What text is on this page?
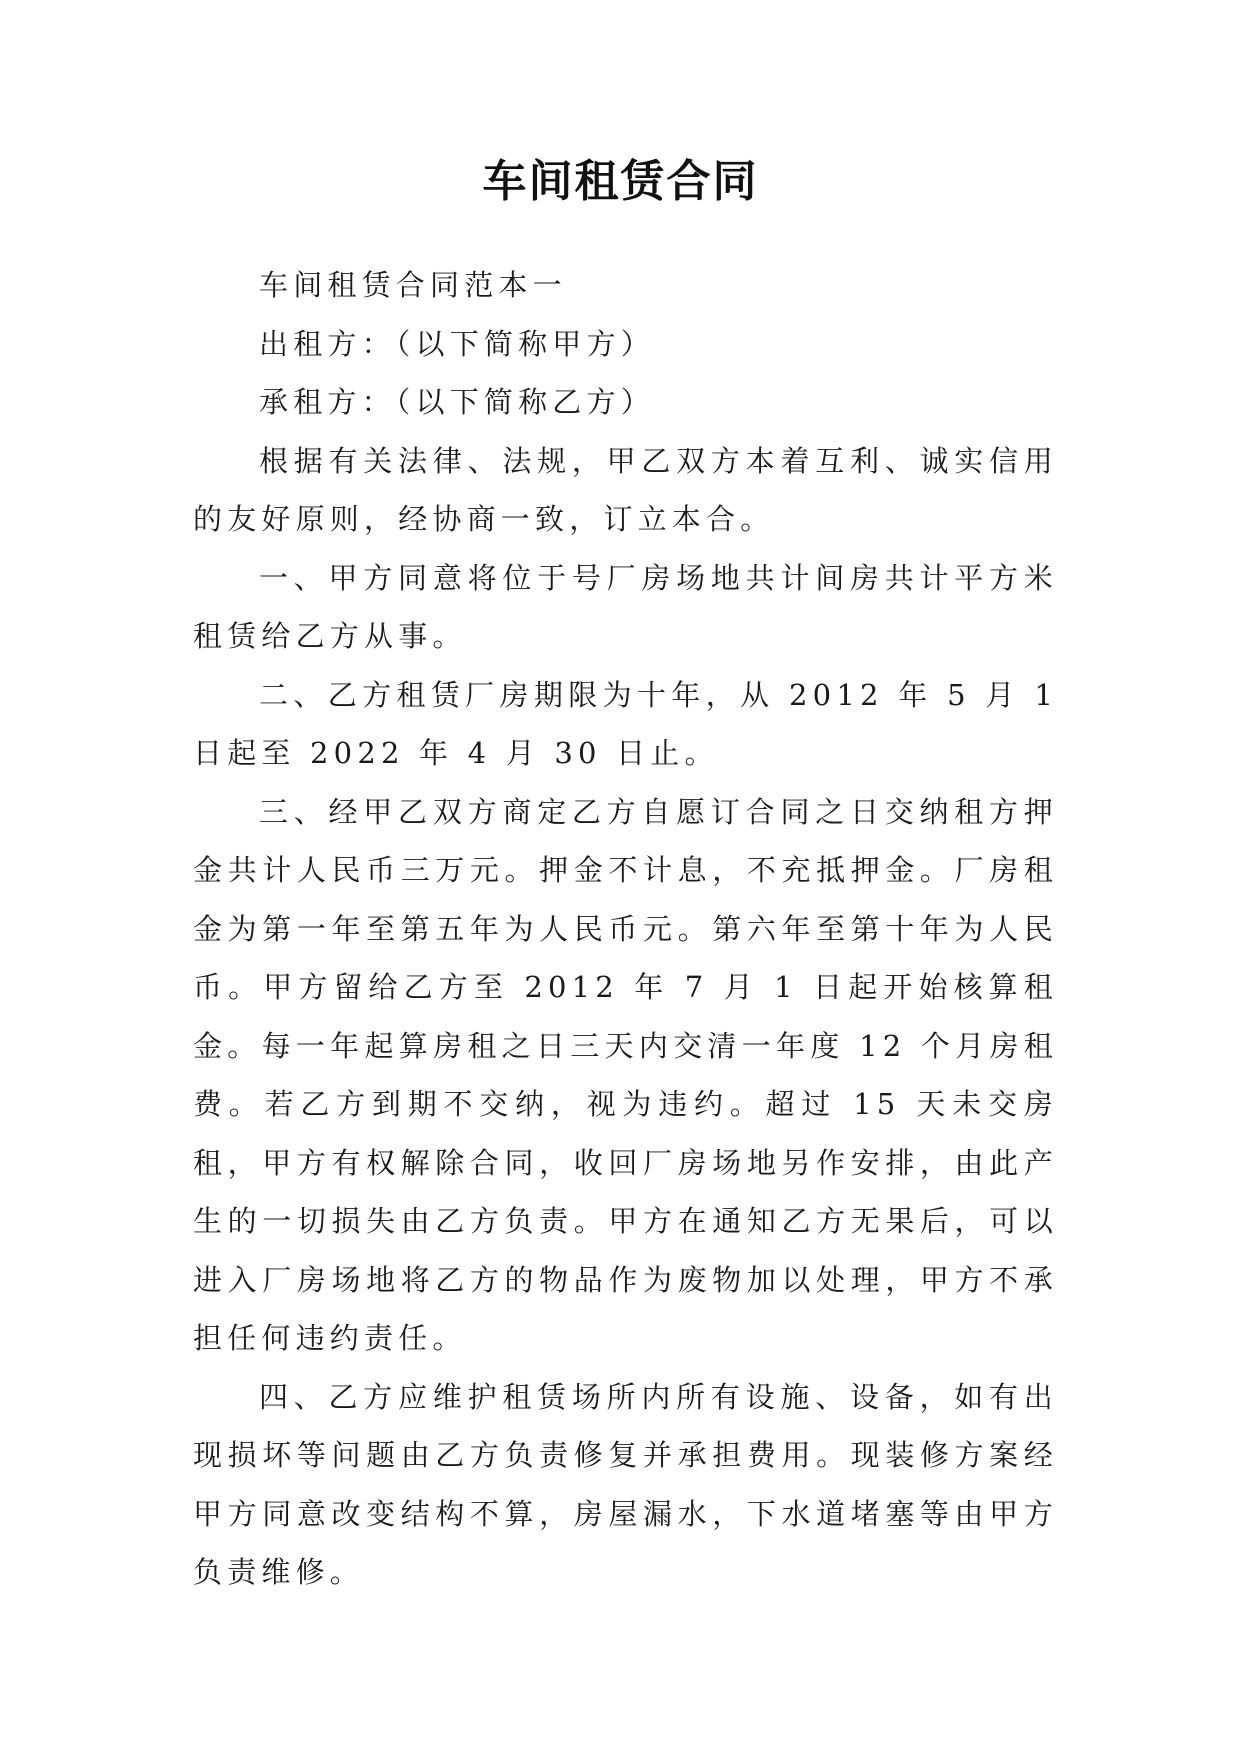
车间租赁合同

车间租赁合同范本一

出租方：（以下简称甲方）

承租方：（以下简称乙方）

根据有关法律、法规，甲乙双方本着互利、诚实信用的友好原则，经协商一致，订立本合。

一、甲方同意将位于号厂房场地共计间房共计平方米租赁给乙方从事。

二、乙方租赁厂房期限为十年，从 2012 年 5 月 1 日起至 2022 年 4 月 30 日止。

三、经甲乙双方商定乙方自愿订合同之日交纳租方押金共计人民币三万元。押金不计息，不充抵押金。厂房租金为第一年至第五年为人民币元。第六年至第十年为人民币。甲方留给乙方至 2012 年 7 月 1 日起开始核算租金。每一年起算房租之日三天内交清一年度 12 个月房租费。若乙方到期不交纳，视为违约。超过 15 天未交房租，甲方有权解除合同，收回厂房场地另作安排，由此产生的一切损失由乙方负责。甲方在通知乙方无果后，可以进入厂房场地将乙方的物品作为废物加以处理，甲方不承担任何违约责任。

四、乙方应维护租赁场所内所有设施、设备，如有出现损坏等问题由乙方负责修复并承担费用。现装修方案经甲方同意改变结构不算，房屋漏水，下水道堵塞等由甲方负责维修。
